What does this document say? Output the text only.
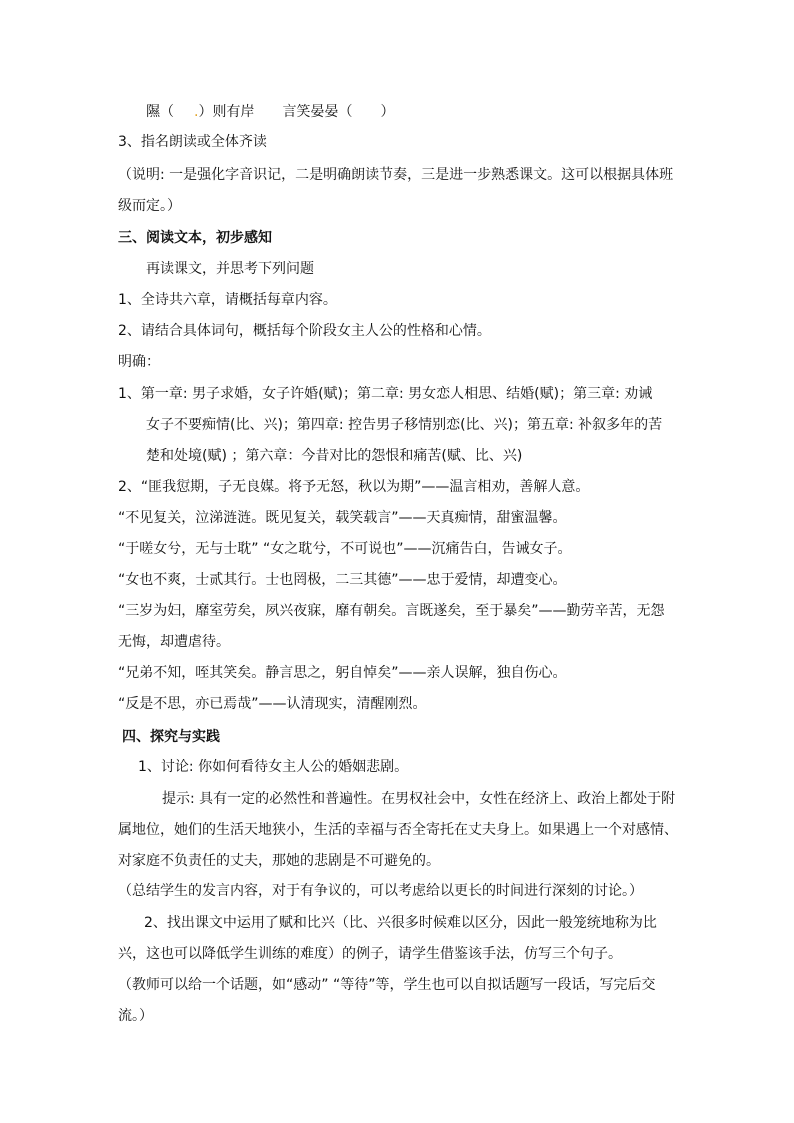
隰（ .）则有岸 言笑晏晏（　　）
3、指名朗读或全体齐读
（说明: 一是强化字音识记，二是明确朗读节奏，三是进一步熟悉课文。这可以根据具体班级而定。）
三、阅读文本，初步感知
再读课文，并思考下列问题
1、全诗共六章，请概括每章内容。
2、请结合具体词句，概括每个阶段女主人公的性格和心情。
明确：
1、第一章: 男子求婚，女子许婚(赋)；第二章: 男女恋人相思、结婚(赋)；第三章: 劝诫
女子不要痴情(比、兴)；第四章: 控告男子移情别恋(比、兴)；第五章: 补叙多年的苦
楚和处境(赋) ；第六章：今昔对比的怨恨和痛苦(赋、比、兴)
2、“匪我愆期，子无良媒。将予无怒，秋以为期”——温言相劝，善解人意。
“不见复关，泣涕涟涟。既见复关，载笑载言”——天真痴情，甜蜜温馨。
“于嗟女兮，无与士耽” “女之耽兮，不可说也”——沉痛告白，告诫女子。
“女也不爽，士贰其行。士也罔极，二三其德”——忠于爱情，却遭变心。
“三岁为妇，靡室劳矣，夙兴夜寐，靡有朝矣。言既遂矣，至于暴矣”——勤劳辛苦，无怨
无悔，却遭虐待。
“兄弟不知，咥其笑矣。静言思之，躬自悼矣”——亲人误解，独自伤心。
“反是不思，亦已焉哉”——认清现实，清醒刚烈。
四、探究与实践
1、讨论: 你如何看待女主人公的婚姻悲剧。
提示: 具有一定的必然性和普遍性。在男权社会中，女性在经济上、政治上都处于附属地位，她们的生活天地狭小，生活的幸福与否全寄托在丈夫身上。如果遇上一个对感情、对家庭不负责任的丈夫，那她的悲剧是不可避免的。
（总结学生的发言内容，对于有争议的，可以考虑给以更长的时间进行深刻的讨论。）
2、找出课文中运用了赋和比兴（比、兴很多时候难以区分，因此一般笼统地称为比兴，这也可以降低学生训练的难度）的例子，请学生借鉴该手法，仿写三个句子。
（教师可以给一个话题，如“感动” “等待”等，学生也可以自拟话题写一段话，写完后交流。）
